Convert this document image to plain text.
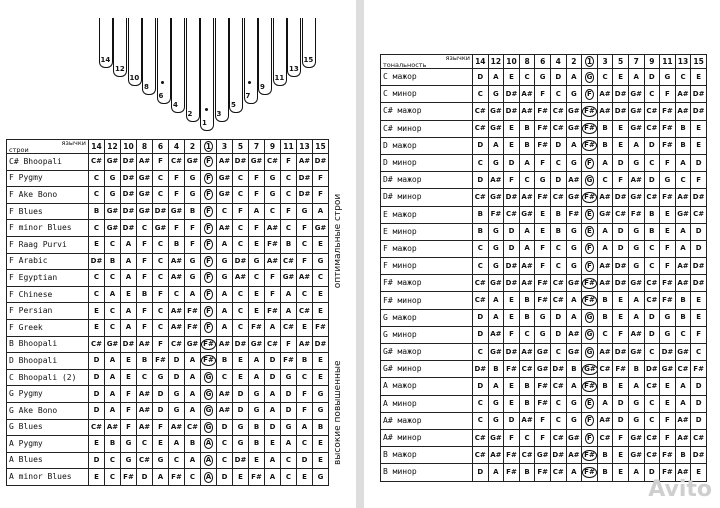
14
12
10
8
6
4
2
1
3
5
7
9
11
13
15
язычки
строи	14	12	10	8	6	4	2	1	3	5	7	9	11	13	15
C# Bhoopali	C#	G#	D#	A#	F	C#	G#	F	A#	D#	G#	C#	F	A#	D#
F Pygmy	C	G	D#	G#	C	F	G	F	G#	C	F	G	C	D#	F
F Ake Bono	C	G	D#	G#	C	F	G	F	G#	C	F	G	C	D#	F
F Blues	B	G#	D#	G#	D#	G#	B	F	C	F	A	C	F	G	A
F minor Blues	C	G#	D#	C	G#	F	F	F	A#	C	F	A#	C	F	G#
F Raag Purvi	E	C	A	F	C	B	F	F	A	C	E	F#	B	C	E
F Arabic	D#	B	A	F	C	A#	G	F	G	D#	G	A#	C#	F	G
F Egyptian	C	C	A	F	C	A#	G	F	G	A#	C	F	G#	A#	C
F Chinese	C	A	E	B	F	C	A	F	A	C	E	F	A	C	E
F Persian	E	C	A	F	C	A#	F#	F	A	C	E	F#	A	C#	E
F Greek	E	C	A	F	C	A#	F#	F	A	C	F#	A	C#	E	F#
B Bhoopali	C#	G#	D#	A#	F	C#	G#	F#	A#	D#	G#	C#	F	A#	D#
D Bhoopali	D	A	E	B	F#	D	A	F#	B	E	A	D	F#	B	E
C Bhoopali (2)	D	A	E	C	G	D	A	G	C	E	A	D	G	C	E
G Pygmy	D	A	F	A#	D	G	A	G	A#	D	G	A	D	F	G
G Ake Bono	D	A	F	A#	D	G	A	G	A#	D	G	A	D	F	G
G Blues	C#	A#	F	A#	F	A#	C#	G	D	G	B	D	G	A	B
A Pygmy	E	B	G	C	E	A	B	A	C	G	B	E	A	C	E
A Blues	D	C	G	C#	G	C	A	A	C	D#	E	A	C	D	E
A minor Blues	E	C	F#	D	A	F#	C	A	D	E	F#	A	C	E	G
оптимальные строи
высокие повышенные
язычки
тональность	14	12	10	8	6	4	2	1	3	5	7	9	11	13	15
C мажор	D	A	E	C	G	D	A	G	C	E	A	D	G	C	E
C минор	C	G	D#	A#	F	C	G	F	A#	D#	G#	C	F	A#	D#
C# мажор	C#	G#	D#	A#	F#	C#	G#	F#	A#	D#	G#	C#	F#	A#	D#
C# минор	C#	G#	E	B	F#	C#	G#	F#	B	E	G#	C#	F#	B	E
D мажор	D	A	E	B	F#	D	A	F#	B	E	A	D	F#	B	E
D минор	C	G	D	A	F	C	G	F	A	D	G	C	F	A	D
D# мажор	D	A#	F	C	G	D	A#	G	C	F	A#	D	G	C	F
D# минор	C#	G#	D#	A#	F#	C#	G#	F#	A#	D#	G#	C#	F#	A#	D#
E мажор	B	F#	C#	G#	E	B	F#	E	G#	C#	F#	B	E	G#	C#
E минор	B	G	D	A	E	B	G	E	A	D	G	B	E	A	D
F мажор	C	G	D	A	F	C	G	F	A	D	G	C	F	A	D
F минор	C	G	D#	A#	F	C	G	F	A#	D#	G	C	F	A#	D#
F# мажор	C#	G#	D#	A#	F#	C#	G#	F#	A#	D#	G#	C#	F#	A#	D#
F# минор	C#	A	E	B	F#	C#	A	F#	B	E	A	C#	F#	B	E
G мажор	D	A	E	B	G	D	A	G	B	E	A	D	G	B	E
G минор	D	A#	F	C	G	D	A#	G	C	F	A#	D	G	C	F
G# мажор	C	G#	D#	A#	G#	C	G#	G	A#	D#	G#	C	D#	G#	C
G# минор	D#	B	F#	C#	G#	D#	B	G#	C#	F#	B	D#	G#	C#	F#
A мажор	D	A	E	B	F#	C#	A	F#	B	E	A	C#	E	A	D
A минор	C	G	E	B	F#	C	G	E	A	D	G	C	E	A	D
A# мажор	C	G	D	A#	F	C	G	F	A#	D	G	C	F	A#	D
A# минор	C#	G#	F	C	F	C#	G#	F	C#	F	G#	C#	F	A#	C#
B мажор	C#	A#	F#	C#	G#	D#	A#	F#	B	E	G#	C#	F#	B	D#
B минор	D	A	F#	B	F#	C#	A	F#	B	E	A	D	F#	A#	E
Avito
